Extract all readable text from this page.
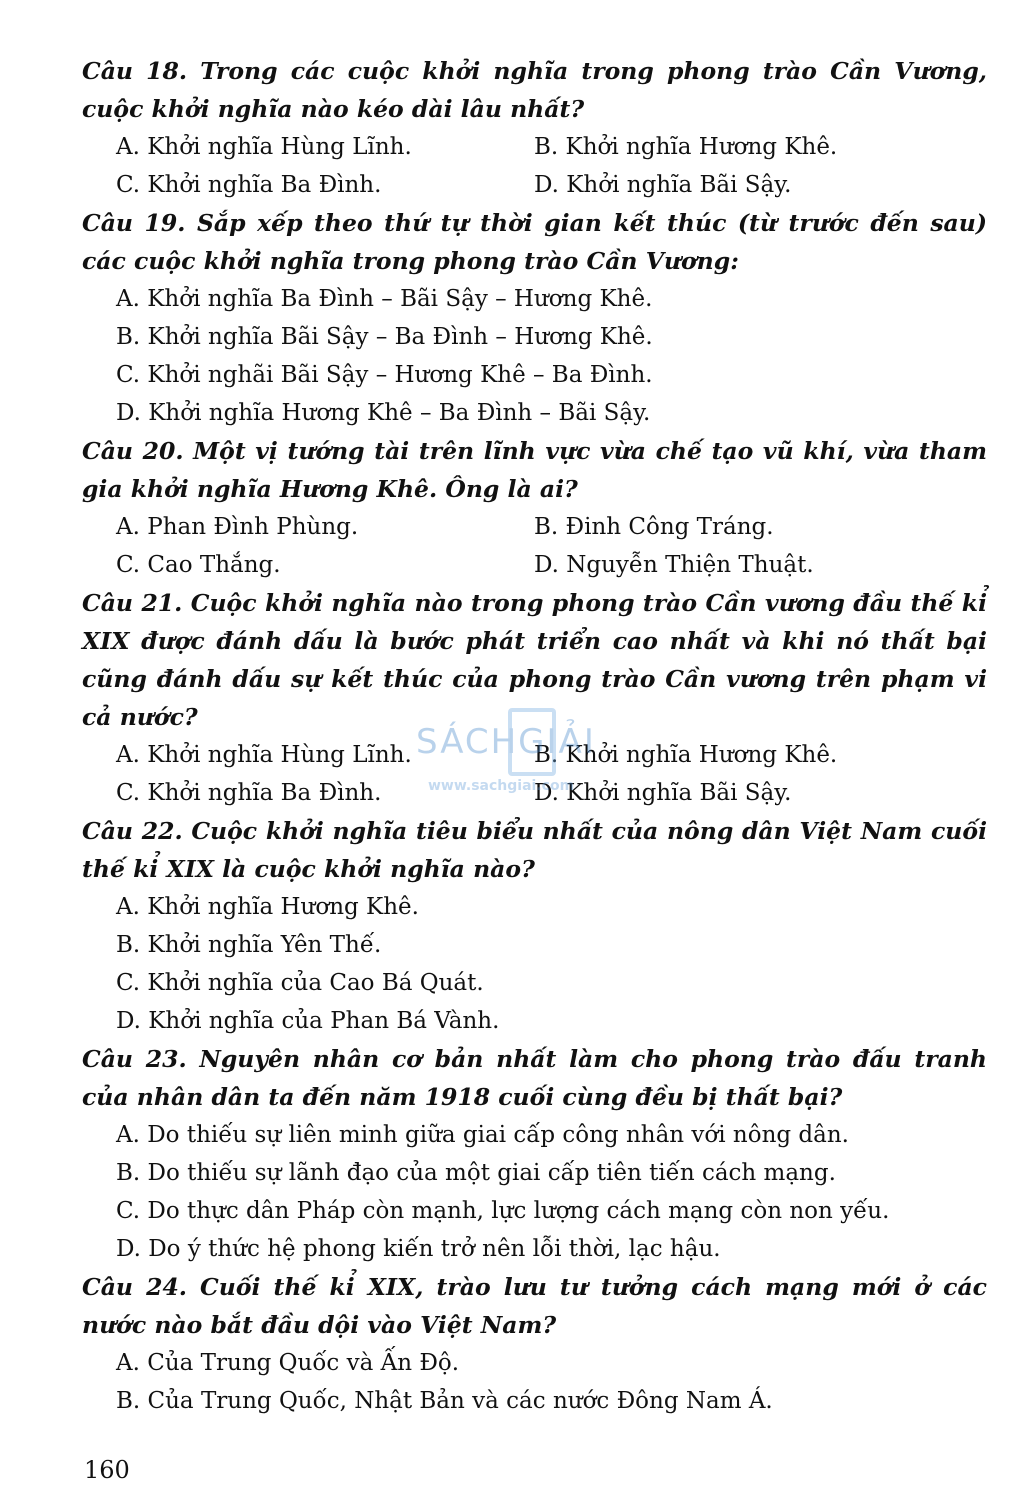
Câu 18. Trong các cuộc khởi nghĩa trong phong trào Cần Vương, cuộc khởi nghĩa nào kéo dài lâu nhất?

A. Khởi nghĩa Hùng Lĩnh.	B. Khởi nghĩa Hương Khê.
C. Khởi nghĩa Ba Đình.	D. Khởi nghĩa Bãi Sậy.

Câu 19. Sắp xếp theo thứ tự thời gian kết thúc (từ trước đến sau) các cuộc khởi nghĩa trong phong trào Cần Vương:

A. Khởi nghĩa Ba Đình – Bãi Sậy – Hương Khê.
B. Khởi nghĩa Bãi Sậy – Ba Đình – Hương Khê.
C. Khởi nghãi Bãi Sậy – Hương Khê – Ba Đình.
D. Khởi nghĩa Hương Khê – Ba Đình – Bãi Sậy.

Câu 20. Một vị tướng tài trên lĩnh vực vừa chế tạo vũ khí, vừa tham gia khởi nghĩa Hương Khê. Ông là ai?

A. Phan Đình Phùng.	B. Đinh Công Tráng.
C. Cao Thắng.	D. Nguyễn Thiện Thuật.

Câu 21. Cuộc khởi nghĩa nào trong phong trào Cần vương đầu thế kỉ XIX được đánh dấu là bước phát triển cao nhất và khi nó thất bại cũng đánh dấu sự kết thúc của phong trào Cần vương trên phạm vi cả nước?

A. Khởi nghĩa Hùng Lĩnh.	B. Khởi nghĩa Hương Khê.
C. Khởi nghĩa Ba Đình.	D. Khởi nghĩa Bãi Sậy.

Câu 22. Cuộc khởi nghĩa tiêu biểu nhất của nông dân Việt Nam cuối thế kỉ XIX là cuộc khởi nghĩa nào?

A. Khởi nghĩa Hương Khê.
B. Khởi nghĩa Yên Thế.
C. Khởi nghĩa của Cao Bá Quát.
D. Khởi nghĩa của Phan Bá Vành.

Câu 23. Nguyên nhân cơ bản nhất làm cho phong trào đấu tranh của nhân dân ta đến năm 1918 cuối cùng đều bị thất bại?

A. Do thiếu sự liên minh giữa giai cấp công nhân với nông dân.
B. Do thiếu sự lãnh đạo của một giai cấp tiên tiến cách mạng.
C. Do thực dân Pháp còn mạnh, lực lượng cách mạng còn non yếu.
D. Do ý thức hệ phong kiến trở nên lỗi thời, lạc hậu.

Câu 24. Cuối thế kỉ XIX, trào lưu tư tưởng cách mạng mới ở các nước nào bắt đầu dội vào Việt Nam?

A. Của Trung Quốc và Ấn Độ.
B. Của Trung Quốc, Nhật Bản và các nước Đông Nam Á.
SÁCHGIẢI
www.sachgiai.com
160
